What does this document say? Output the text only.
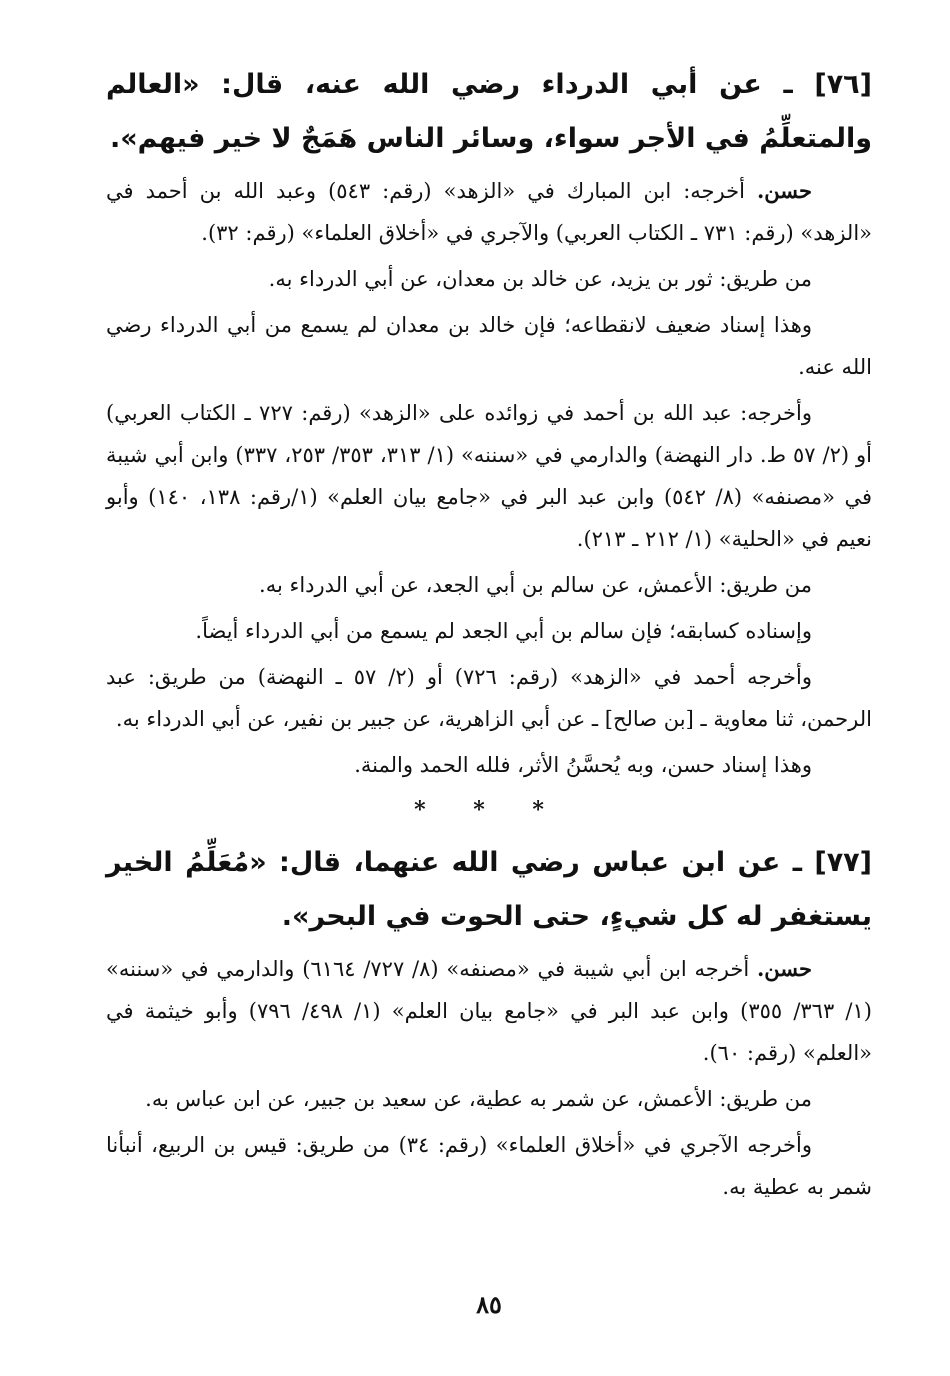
[٧٦] ـ عن أبي الدرداء رضي الله عنه، قال: «العالم والمتعلِّمُ في الأجر سواء، وسائر الناس هَمَجٌ لا خير فيهم».

حسن. أخرجه: ابن المبارك في «الزهد» (رقم: ٥٤٣) وعبد الله بن أحمد في «الزهد» (رقم: ٧٣١ ـ الكتاب العربي) والآجري في «أخلاق العلماء» (رقم: ٣٢).

من طريق: ثور بن يزيد، عن خالد بن معدان، عن أبي الدرداء به.

وهذا إسناد ضعيف لانقطاعه؛ فإن خالد بن معدان لم يسمع من أبي الدرداء رضي الله عنه.

وأخرجه: عبد الله بن أحمد في زوائده على «الزهد» (رقم: ٧٢٧ ـ الكتاب العربي) أو (٢/ ٥٧ ط. دار النهضة) والدارمي في «سننه» (١/ ٣١٣، ٣٥٣/ ٢٥٣، ٣٣٧) وابن أبي شيبة في «مصنفه» (٨/ ٥٤٢) وابن عبد البر في «جامع بيان العلم» (١/رقم: ١٣٨، ١٤٠) وأبو نعيم في «الحلية» (١/ ٢١٢ ـ ٢١٣).

من طريق: الأعمش، عن سالم بن أبي الجعد، عن أبي الدرداء به.

وإسناده كسابقه؛ فإن سالم بن أبي الجعد لم يسمع من أبي الدرداء أيضاً.

وأخرجه أحمد في «الزهد» (رقم: ٧٢٦) أو (٢/ ٥٧ ـ النهضة) من طريق: عبد الرحمن، ثنا معاوية ـ [بن صالح] ـ عن أبي الزاهرية، عن جبير بن نفير، عن أبي الدرداء به.

وهذا إسناد حسن، وبه يُحسَّنُ الأثر، فلله الحمد والمنة.

* * *

[٧٧] ـ عن ابن عباس رضي الله عنهما، قال: «مُعَلِّمُ الخير يستغفر له كل شيءٍ، حتى الحوت في البحر».

حسن. أخرجه ابن أبي شيبة في «مصنفه» (٨/ ٧٢٧/ ٦١٦٤) والدارمي في «سننه» (١/ ٣٦٣/ ٣٥٥) وابن عبد البر في «جامع بيان العلم» (١/ ٤٩٨/ ٧٩٦) وأبو خيثمة في «العلم» (رقم: ٦٠).

من طريق: الأعمش، عن شمر به عطية، عن سعيد بن جبير، عن ابن عباس به.

وأخرجه الآجري في «أخلاق العلماء» (رقم: ٣٤) من طريق: قيس بن الربيع، أنبأنا شمر به عطية به.

٨٥
